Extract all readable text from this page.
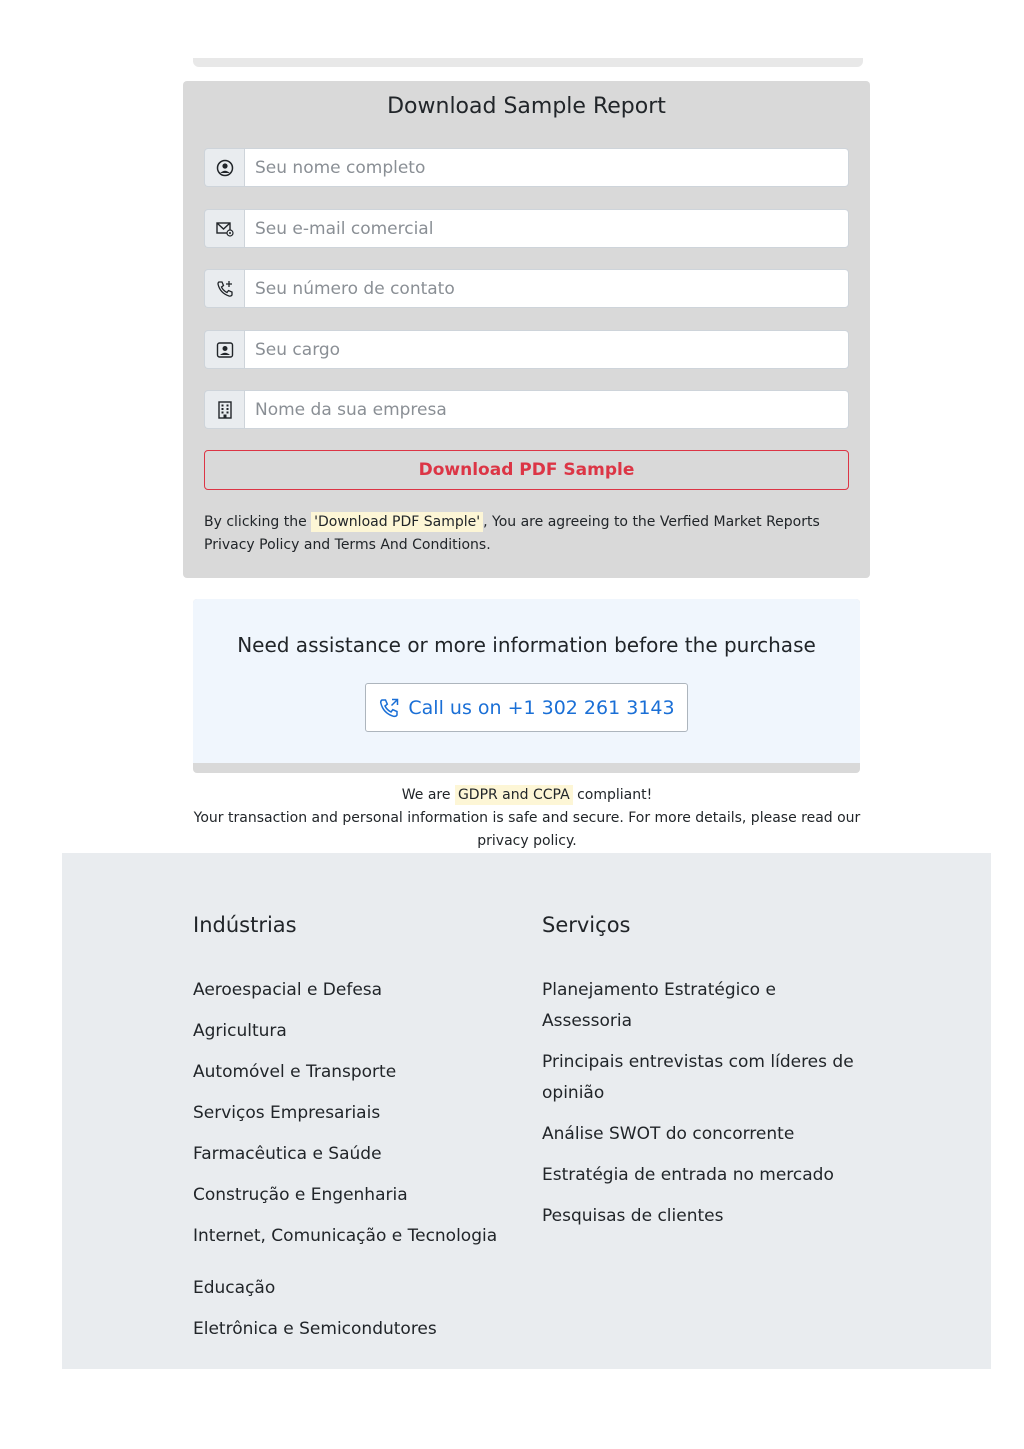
Download Sample Report
Seu nome completo
Seu e-mail comercial
Seu número de contato
Seu cargo
Nome da sua empresa
Download PDF Sample

By clicking the 'Download PDF Sample' , You are agreeing to the Verfied Market Reports Privacy Policy and Terms And Conditions.

Need assistance or more information before the purchase
Call us on +1 302 261 3143
We are GDPR and CCPA compliant!
Your transaction and personal information is safe and secure. For more details, please read our privacy policy.
Indústrias
Aeroespacial e Defesa
Agricultura
Automóvel e Transporte
Serviços Empresariais
Farmacêutica e Saúde
Construção e Engenharia
Internet, Comunicação e Tecnologia
Educação
Eletrônica e Semicondutores
Serviços
Planejamento Estratégico e Assessoria
Principais entrevistas com líderes de opinião
Análise SWOT do concorrente
Estratégia de entrada no mercado
Pesquisas de clientes
